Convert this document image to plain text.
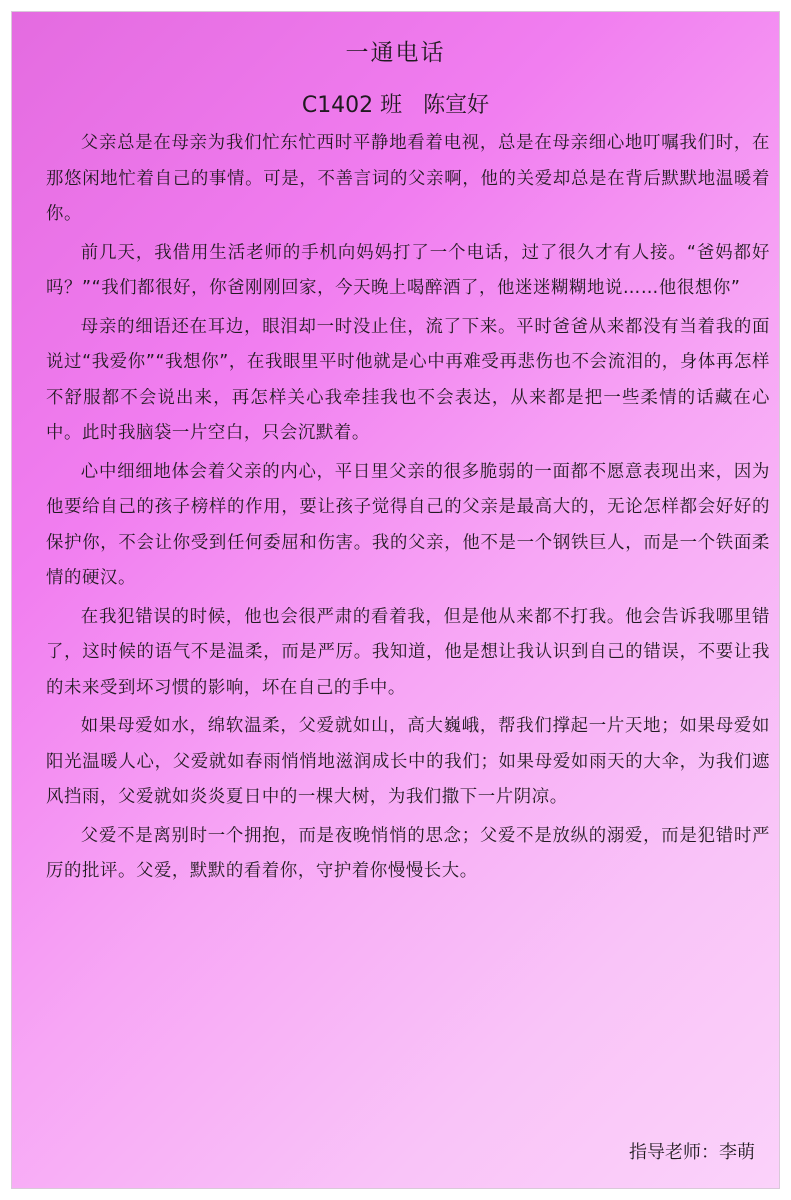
一通电话
C1402 班   陈宣好

父亲总是在母亲为我们忙东忙西时平静地看着电视，总是在母亲细心地叮嘱我们时，在那悠闲地忙着自己的事情。可是，不善言词的父亲啊，他的关爱却总是在背后默默地温暖着你。

前几天，我借用生活老师的手机向妈妈打了一个电话，过了很久才有人接。“爸妈都好吗？”“我们都很好，你爸刚刚回家，今天晚上喝醉酒了，他迷迷糊糊地说……他很想你”

母亲的细语还在耳边，眼泪却一时没止住，流了下来。平时爸爸从来都没有当着我的面说过“我爱你”“我想你”，在我眼里平时他就是心中再难受再悲伤也不会流泪的，身体再怎样不舒服都不会说出来，再怎样关心我牵挂我也不会表达，从来都是把一些柔情的话藏在心中。此时我脑袋一片空白，只会沉默着。

心中细细地体会着父亲的内心，平日里父亲的很多脆弱的一面都不愿意表现出来，因为他要给自己的孩子榜样的作用，要让孩子觉得自己的父亲是最高大的，无论怎样都会好好的保护你，不会让你受到任何委屈和伤害。我的父亲，他不是一个钢铁巨人，而是一个铁面柔情的硬汉。

在我犯错误的时候，他也会很严肃的看着我，但是他从来都不打我。他会告诉我哪里错了，这时候的语气不是温柔，而是严厉。我知道，他是想让我认识到自己的错误，不要让我的未来受到坏习惯的影响，坏在自己的手中。

如果母爱如水，绵软温柔，父爱就如山，高大巍峨，帮我们撑起一片天地；如果母爱如阳光温暖人心，父爱就如春雨悄悄地滋润成长中的我们；如果母爱如雨天的大伞，为我们遮风挡雨，父爱就如炎炎夏日中的一棵大树，为我们撒下一片阴凉。

父爱不是离别时一个拥抱，而是夜晚悄悄的思念；父爱不是放纵的溺爱，而是犯错时严厉的批评。父爱，默默的看着你，守护着你慢慢长大。

指导老师：李萌
